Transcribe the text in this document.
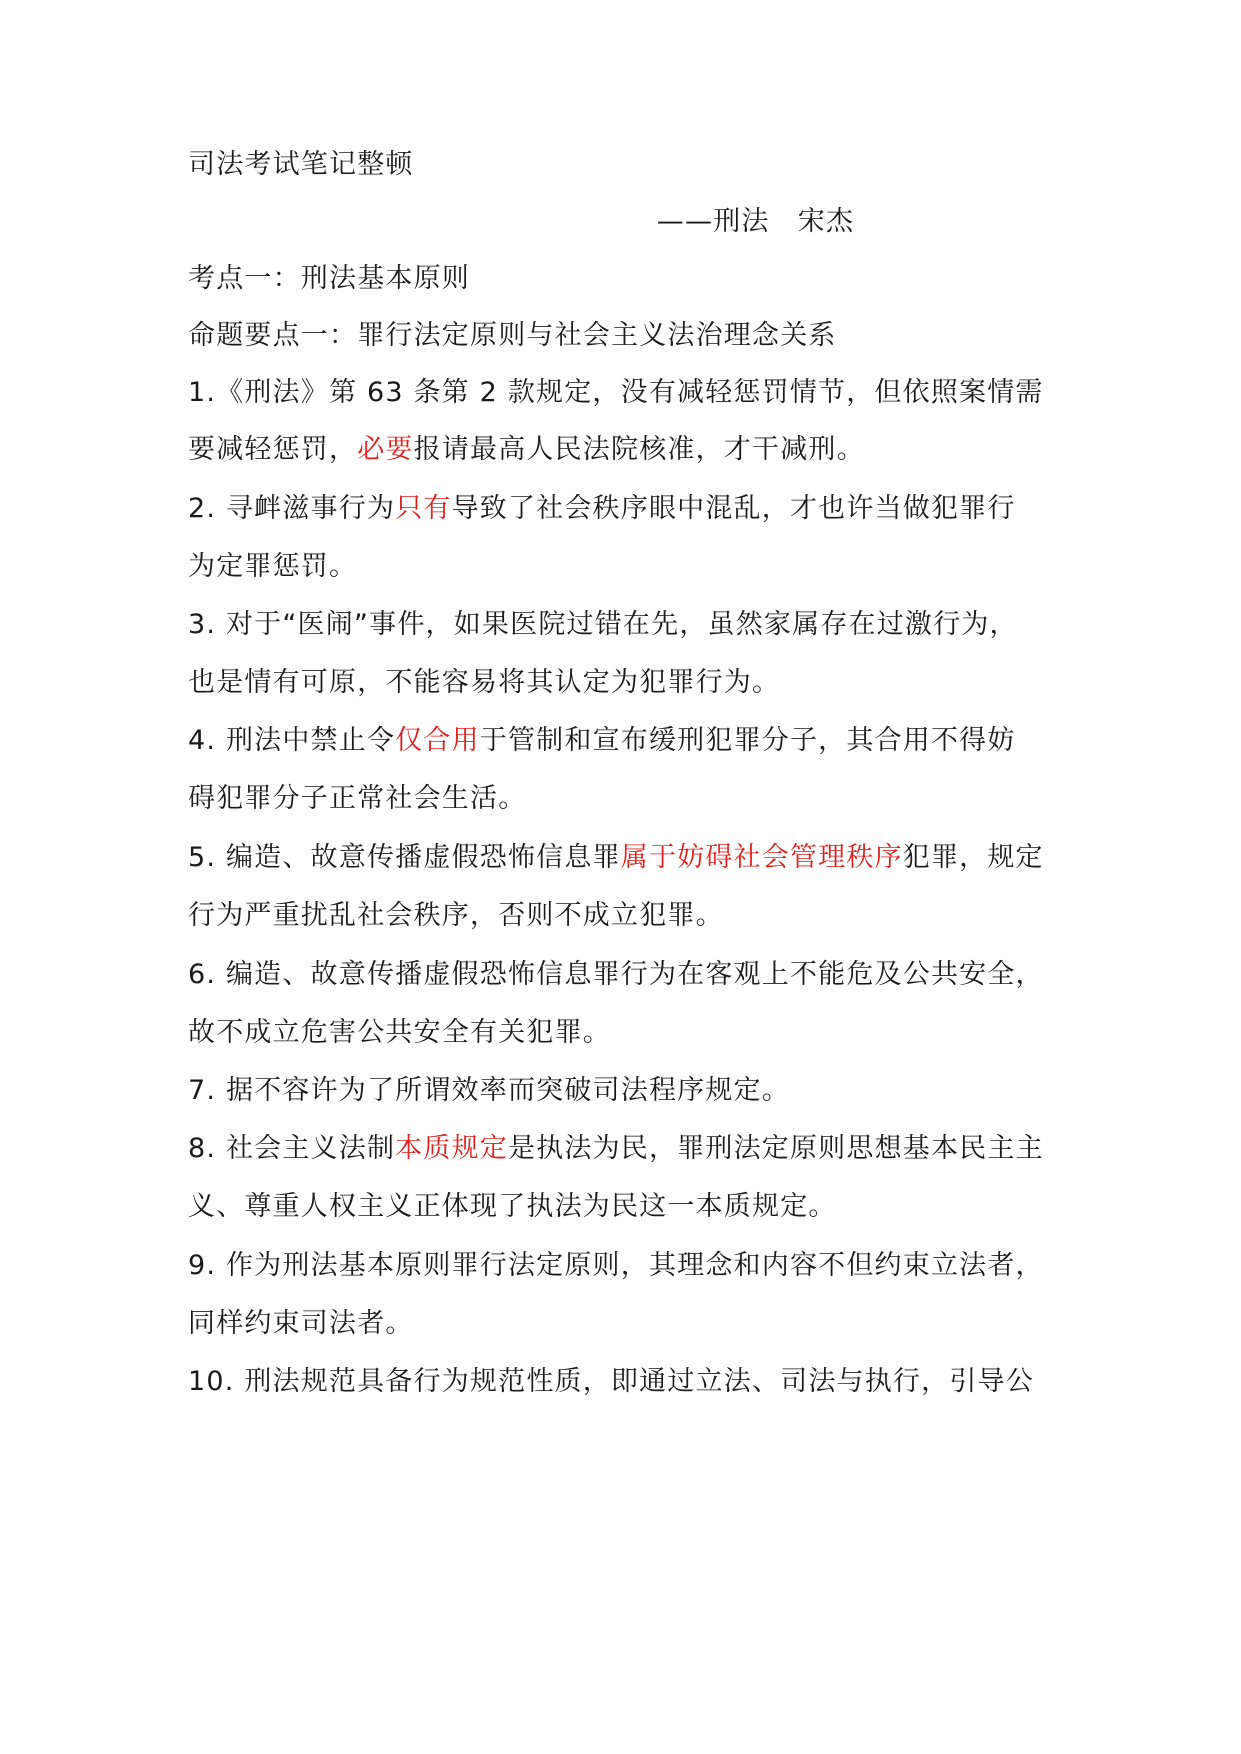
司法考试笔记整顿
——刑法　宋杰
考点一：刑法基本原则
命题要点一：罪行法定原则与社会主义法治理念关系
1.《刑法》第 63 条第 2 款规定，没有减轻惩罚情节，但依照案情需
要减轻惩罚，必要报请最高人民法院核准，才干减刑。
2. 寻衅滋事行为只有导致了社会秩序眼中混乱，才也许当做犯罪行
为定罪惩罚。
3. 对于“医闹”事件，如果医院过错在先，虽然家属存在过激行为，
也是情有可原，不能容易将其认定为犯罪行为。
4. 刑法中禁止令仅合用于管制和宣布缓刑犯罪分子，其合用不得妨
碍犯罪分子正常社会生活。
5. 编造、故意传播虚假恐怖信息罪属于妨碍社会管理秩序犯罪，规定
行为严重扰乱社会秩序，否则不成立犯罪。
6. 编造、故意传播虚假恐怖信息罪行为在客观上不能危及公共安全，
故不成立危害公共安全有关犯罪。
7. 据不容许为了所谓效率而突破司法程序规定。
8. 社会主义法制本质规定是执法为民，罪刑法定原则思想基本民主主
义、尊重人权主义正体现了执法为民这一本质规定。
9. 作为刑法基本原则罪行法定原则，其理念和内容不但约束立法者，
同样约束司法者。
10. 刑法规范具备行为规范性质，即通过立法、司法与执行，引导公
